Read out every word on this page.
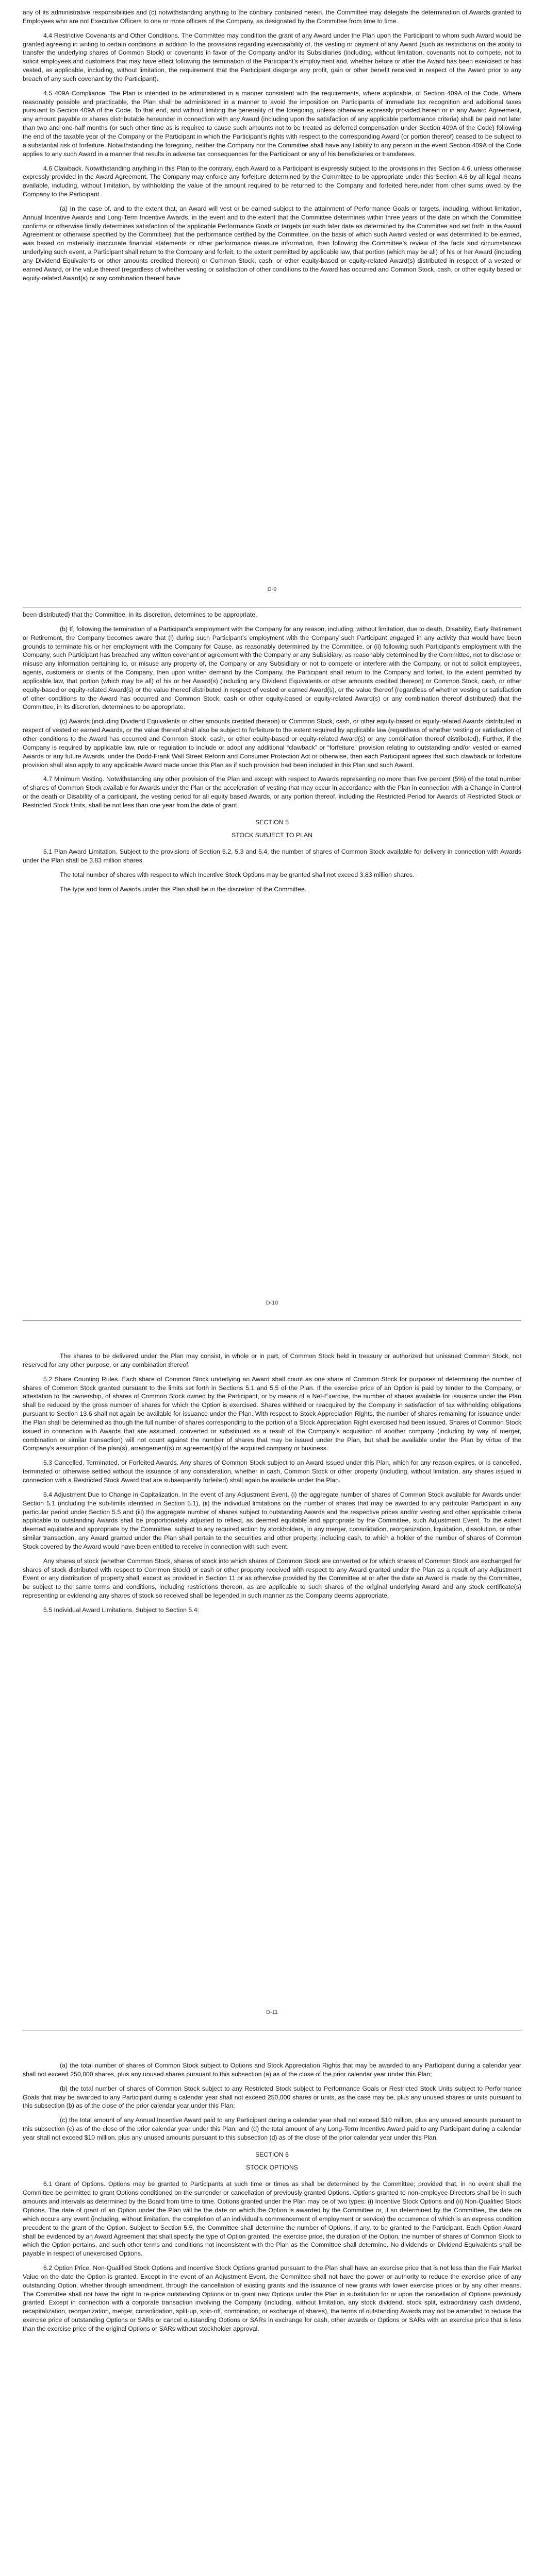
any of its administrative responsibilities and (c) notwithstanding anything to the contrary contained herein, the Committee may delegate the determination of Awards granted to Employees who are not Executive Officers to one or more officers of the Company, as designated by the Committee from time to time.

4.4 Restrictive Covenants and Other Conditions. The Committee may condition the grant of any Award under the Plan upon the Participant to whom such Award would be granted agreeing in writing to certain conditions in addition to the provisions regarding exercisability of, the vesting or payment of any Award (such as restrictions on the ability to transfer the underlying shares of Common Stock) or covenants in favor of the Company and/or its Subsidiaries (including, without limitation, covenants not to compete, not to solicit employees and customers that may have effect following the termination of the Participant’s employment and, whether before or after the Award has been exercised or has vested, as applicable, including, without limitation, the requirement that the Participant disgorge any profit, gain or other benefit received in respect of the Award prior to any breach of any such covenant by the Participant).

4.5 409A Compliance. The Plan is intended to be administered in a manner consistent with the requirements, where applicable, of Section 409A of the Code. Where reasonably possible and practicable, the Plan shall be administered in a manner to avoid the imposition on Participants of immediate tax recognition and additional taxes pursuant to Section 409A of the Code. To that end, and without limiting the generality of the foregoing, unless otherwise expressly provided herein or in any Award Agreement, any amount payable or shares distributable hereunder in connection with any Award (including upon the satisfaction of any applicable performance criteria) shall be paid not later than two and one-half months (or such other time as is required to cause such amounts not to be treated as deferred compensation under Section 409A of the Code) following the end of the taxable year of the Company or the Participant in which the Participant’s rights with respect to the corresponding Award (or portion thereof) ceased to be subject to a substantial risk of forfeiture. Notwithstanding the foregoing, neither the Company nor the Committee shall have any liability to any person in the event Section 409A of the Code applies to any such Award in a manner that results in adverse tax consequences for the Participant or any of his beneficiaries or transferees.

4.6 Clawback. Notwithstanding anything in this Plan to the contrary, each Award to a Participant is expressly subject to the provisions in this Section 4.6, unless otherwise expressly provided in the Award Agreement. The Company may enforce any forfeiture determined by the Committee to be appropriate under this Section 4.6 by all legal means available, including, without limitation, by withholding the value of the amount required to be returned to the Company and forfeited hereunder from other sums owed by the Company to the Participant.

(a) In the case of, and to the extent that, an Award will vest or be earned subject to the attainment of Performance Goals or targets, including, without limitation, Annual Incentive Awards and Long-Term Incentive Awards, in the event and to the extent that the Committee determines within three years of the date on which the Committee confirms or otherwise finally determines satisfaction of the applicable Performance Goals or targets (or such later date as determined by the Committee and set forth in the Award Agreement or otherwise specified by the Committee) that the performance certified by the Committee, on the basis of which such Award vested or was determined to be earned, was based on materially inaccurate financial statements or other performance measure information, then following the Committee’s review of the facts and circumstances underlying such event, a Participant shall return to the Company and forfeit, to the extent permitted by applicable law, that portion (which may be all) of his or her Award (including any Dividend Equivalents or other amounts credited thereon) or Common Stock, cash, or other equity-based or equity-related Award(s) distributed in respect of a vested or earned Award, or the value thereof (regardless of whether vesting or satisfaction of other conditions to the Award has occurred and Common Stock, cash, or other equity based or equity-related Award(s) or any combination thereof have

D-9

been distributed) that the Committee, in its discretion, determines to be appropriate.

(b) If, following the termination of a Participant’s employment with the Company for any reason, including, without limitation, due to death, Disability, Early Retirement or Retirement, the Company becomes aware that (i) during such Participant’s employment with the Company such Participant engaged in any activity that would have been grounds to terminate his or her employment with the Company for Cause, as reasonably determined by the Committee, or (ii) following such Participant’s employment with the Company, such Participant has breached any written covenant or agreement with the Company or any Subsidiary, as reasonably determined by the Committee, not to disclose or misuse any information pertaining to, or misuse any property of, the Company or any Subsidiary or not to compete or interfere with the Company, or not to solicit employees, agents, customers or clients of the Company, then upon written demand by the Company, the Participant shall return to the Company and forfeit, to the extent permitted by applicable law, that portion (which may be all) of his or her Award(s) (including any Dividend Equivalents or other amounts credited thereon) or Common Stock, cash, or other equity-based or equity-related Award(s) or the value thereof distributed in respect of vested or earned Award(s), or the value thereof (regardless of whether vesting or satisfaction of other conditions to the Award has occurred and Common Stock, cash or other equity-based or equity-related Award(s) or any combination thereof distributed) that the Committee, in its discretion, determines to be appropriate.

(c) Awards (including Dividend Equivalents or other amounts credited thereon) or Common Stock, cash, or other equity-based or equity-related Awards distributed in respect of vested or earned Awards, or the value thereof shall also be subject to forfeiture to the extent required by applicable law (regardless of whether vesting or satisfaction of other conditions to the Award has occurred and Common Stock, cash, or other equity-based or equity-related Award(s) or any combination thereof distributed). Further, if the Company is required by applicable law, rule or regulation to include or adopt any additional “clawback” or “forfeiture” provision relating to outstanding and/or vested or earned Awards or any future Awards, under the Dodd-Frank Wall Street Reform and Consumer Protection Act or otherwise, then each Participant agrees that such clawback or forfeiture provision shall also apply to any applicable Award made under this Plan as if such provision had been included in this Plan and such Award.

4.7 Minimum Vesting. Notwithstanding any other provision of the Plan and except with respect to Awards representing no more than five percent (5%) of the total number of shares of Common Stock available for Awards under the Plan or the acceleration of vesting that may occur in accordance with the Plan in connection with a Change in Control or the death or Disability of a participant, the vesting period for all equity based Awards, or any portion thereof, including the Restricted Period for Awards of Restricted Stock or Restricted Stock Units, shall be not less than one year from the date of grant.

SECTION 5
STOCK SUBJECT TO PLAN

5.1 Plan Award Limitation. Subject to the provisions of Section 5.2, 5.3 and 5.4, the number of shares of Common Stock available for delivery in connection with Awards under the Plan shall be 3.83 million shares.

The total number of shares with respect to which Incentive Stock Options may be granted shall not exceed 3.83 million shares.

The type and form of Awards under this Plan shall be in the discretion of the Committee.

D-10

The shares to be delivered under the Plan may consist, in whole or in part, of Common Stock held in treasury or authorized but unissued Common Stock, not reserved for any other purpose, or any combination thereof.

5.2 Share Counting Rules. Each share of Common Stock underlying an Award shall count as one share of Common Stock for purposes of determining the number of shares of Common Stock granted pursuant to the limits set forth in Sections 5.1 and 5.5 of the Plan. If the exercise price of an Option is paid by tender to the Company, or attestation to the ownership, of shares of Common Stock owned by the Participant, or by means of a Net-Exercise, the number of shares available for issuance under the Plan shall be reduced by the gross number of shares for which the Option is exercised. Shares withheld or reacquired by the Company in satisfaction of tax withholding obligations pursuant to Section 13.6 shall not again be available for issuance under the Plan. With respect to Stock Appreciation Rights, the number of shares remaining for issuance under the Plan shall be determined as though the full number of shares corresponding to the portion of a Stock Appreciation Right exercised had been issued. Shares of Common Stock issued in connection with Awards that are assumed, converted or substituted as a result of the Company’s acquisition of another company (including by way of merger, combination or similar transaction) will not count against the number of shares that may be issued under the Plan, but shall be available under the Plan by virtue of the Company’s assumption of the plan(s), arrangement(s) or agreement(s) of the acquired company or business.

5.3 Cancelled, Terminated, or Forfeited Awards. Any shares of Common Stock subject to an Award issued under this Plan, which for any reason expires, or is cancelled, terminated or otherwise settled without the issuance of any consideration, whether in cash, Common Stock or other property (including, without limitation, any shares issued in connection with a Restricted Stock Award that are subsequently forfeited) shall again be available under the Plan.

5.4 Adjustment Due to Change in Capitalization. In the event of any Adjustment Event, (i) the aggregate number of shares of Common Stock available for Awards under Section 5.1 (including the sub-limits identified in Section 5.1), (ii) the individual limitations on the number of shares that may be awarded to any particular Participant in any particular period under Section 5.5 and (iii) the aggregate number of shares subject to outstanding Awards and the respective prices and/or vesting and other applicable criteria applicable to outstanding Awards shall be proportionately adjusted to reflect, as deemed equitable and appropriate by the Committee, such Adjustment Event. To the extent deemed equitable and appropriate by the Committee, subject to any required action by stockholders, in any merger, consolidation, reorganization, liquidation, dissolution, or other similar transaction, any Award granted under the Plan shall pertain to the securities and other property, including cash, to which a holder of the number of shares of Common Stock covered by the Award would have been entitled to receive in connection with such event.

Any shares of stock (whether Common Stock, shares of stock into which shares of Common Stock are converted or for which shares of Common Stock are exchanged for shares of stock distributed with respect to Common Stock) or cash or other property received with respect to any Award granted under the Plan as a result of any Adjustment Event or any distribution of property shall, except as provided in Section 11 or as otherwise provided by the Committee at or after the date an Award is made by the Committee, be subject to the same terms and conditions, including restrictions thereon, as are applicable to such shares of the original underlying Award and any stock certificate(s) representing or evidencing any shares of stock so received shall be legended in such manner as the Company deems appropriate.

5.5 Individual Award Limitations. Subject to Section 5.4:

D-11

(a) the total number of shares of Common Stock subject to Options and Stock Appreciation Rights that may be awarded to any Participant during a calendar year shall not exceed 250,000 shares, plus any unused shares pursuant to this subsection (a) as of the close of the prior calendar year under this Plan;

(b) the total number of shares of Common Stock subject to any Restricted Stock subject to Performance Goals or Restricted Stock Units subject to Performance Goals that may be awarded to any Participant during a calendar year shall not exceed 250,000 shares or units, as the case may be, plus any unused shares or units pursuant to this subsection (b) as of the close of the prior calendar year under this Plan;

(c) the total amount of any Annual Incentive Award paid to any Participant during a calendar year shall not exceed $10 million, plus any unused amounts pursuant to this subsection (c) as of the close of the prior calendar year under this Plan; and (d) the total amount of any Long-Term Incentive Award paid to any Participant during a calendar year shall not exceed $10 million, plus any unused amounts pursuant to this subsection (d) as of the close of the prior calendar year under this Plan.

SECTION 6
STOCK OPTIONS

6.1 Grant of Options. Options may be granted to Participants at such time or times as shall be determined by the Committee; provided that, in no event shall the Committee be permitted to grant Options conditioned on the surrender or cancellation of previously granted Options. Options granted to non-employee Directors shall be in such amounts and intervals as determined by the Board from time to time. Options granted under the Plan may be of two types: (i) Incentive Stock Options and (ii) Non-Qualified Stock Options. The date of grant of an Option under the Plan will be the date on which the Option is awarded by the Committee or, if so determined by the Committee, the date on which occurs any event (including, without limitation, the completion of an individual’s commencement of employment or service) the occurrence of which is an express condition precedent to the grant of the Option. Subject to Section 5.5, the Committee shall determine the number of Options, if any, to be granted to the Participant. Each Option Award shall be evidenced by an Award Agreement that shall specify the type of Option granted, the exercise price, the duration of the Option, the number of shares of Common Stock to which the Option pertains, and such other terms and conditions not inconsistent with the Plan as the Committee shall determine. No dividends or Dividend Equivalents shall be payable in respect of unexercised Options.

6.2 Option Price. Non-Qualified Stock Options and Incentive Stock Options granted pursuant to the Plan shall have an exercise price that is not less than the Fair Market Value on the date the Option is granted. Except in the event of an Adjustment Event, the Committee shall not have the power or authority to reduce the exercise price of any outstanding Option, whether through amendment, through the cancellation of existing grants and the issuance of new grants with lower exercise prices or by any other means. The Committee shall not have the right to re-price outstanding Options or to grant new Options under the Plan in substitution for or upon the cancellation of Options previously granted. Except in connection with a corporate transaction involving the Company (including, without limitation, any stock dividend, stock split, extraordinary cash dividend, recapitalization, reorganization, merger, consolidation, split-up, spin-off, combination, or exchange of shares), the terms of outstanding Awards may not be amended to reduce the exercise price of outstanding Options or SARs or cancel outstanding Options or SARs in exchange for cash, other awards or Options or SARs with an exercise price that is less than the exercise price of the original Options or SARs without stockholder approval.
